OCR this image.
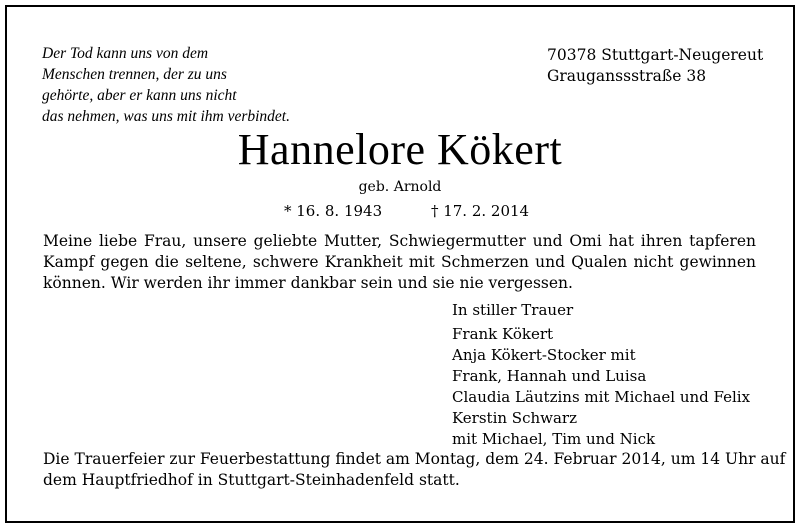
Der Tod kann uns von dem
Menschen trennen, der zu uns
gehörte, aber er kann uns nicht
das nehmen, was uns mit ihm verbindet.
70378 Stuttgart-Neugereut
Grauganssstraße 38
Hannelore Kökert
geb. Arnold
* 16. 8. 1943	† 17. 2. 2014
Meine liebe Frau, unsere geliebte Mutter, Schwiegermutter und Omi hat ihren tapferen Kampf gegen die seltene, schwere Krankheit mit Schmerzen und Qualen nicht gewinnen können. Wir werden ihr immer dankbar sein und sie nie vergessen.
In stiller Trauer
Frank Kökert
Anja Kökert-Stocker mit
Frank, Hannah und Luisa
Claudia Läutzins mit Michael und Felix
Kerstin Schwarz
mit Michael, Tim und Nick
Die Trauerfeier zur Feuerbestattung findet am Montag, dem 24. Februar 2014, um 14 Uhr auf
dem Hauptfriedhof in Stuttgart-Steinhadenfeld statt.
